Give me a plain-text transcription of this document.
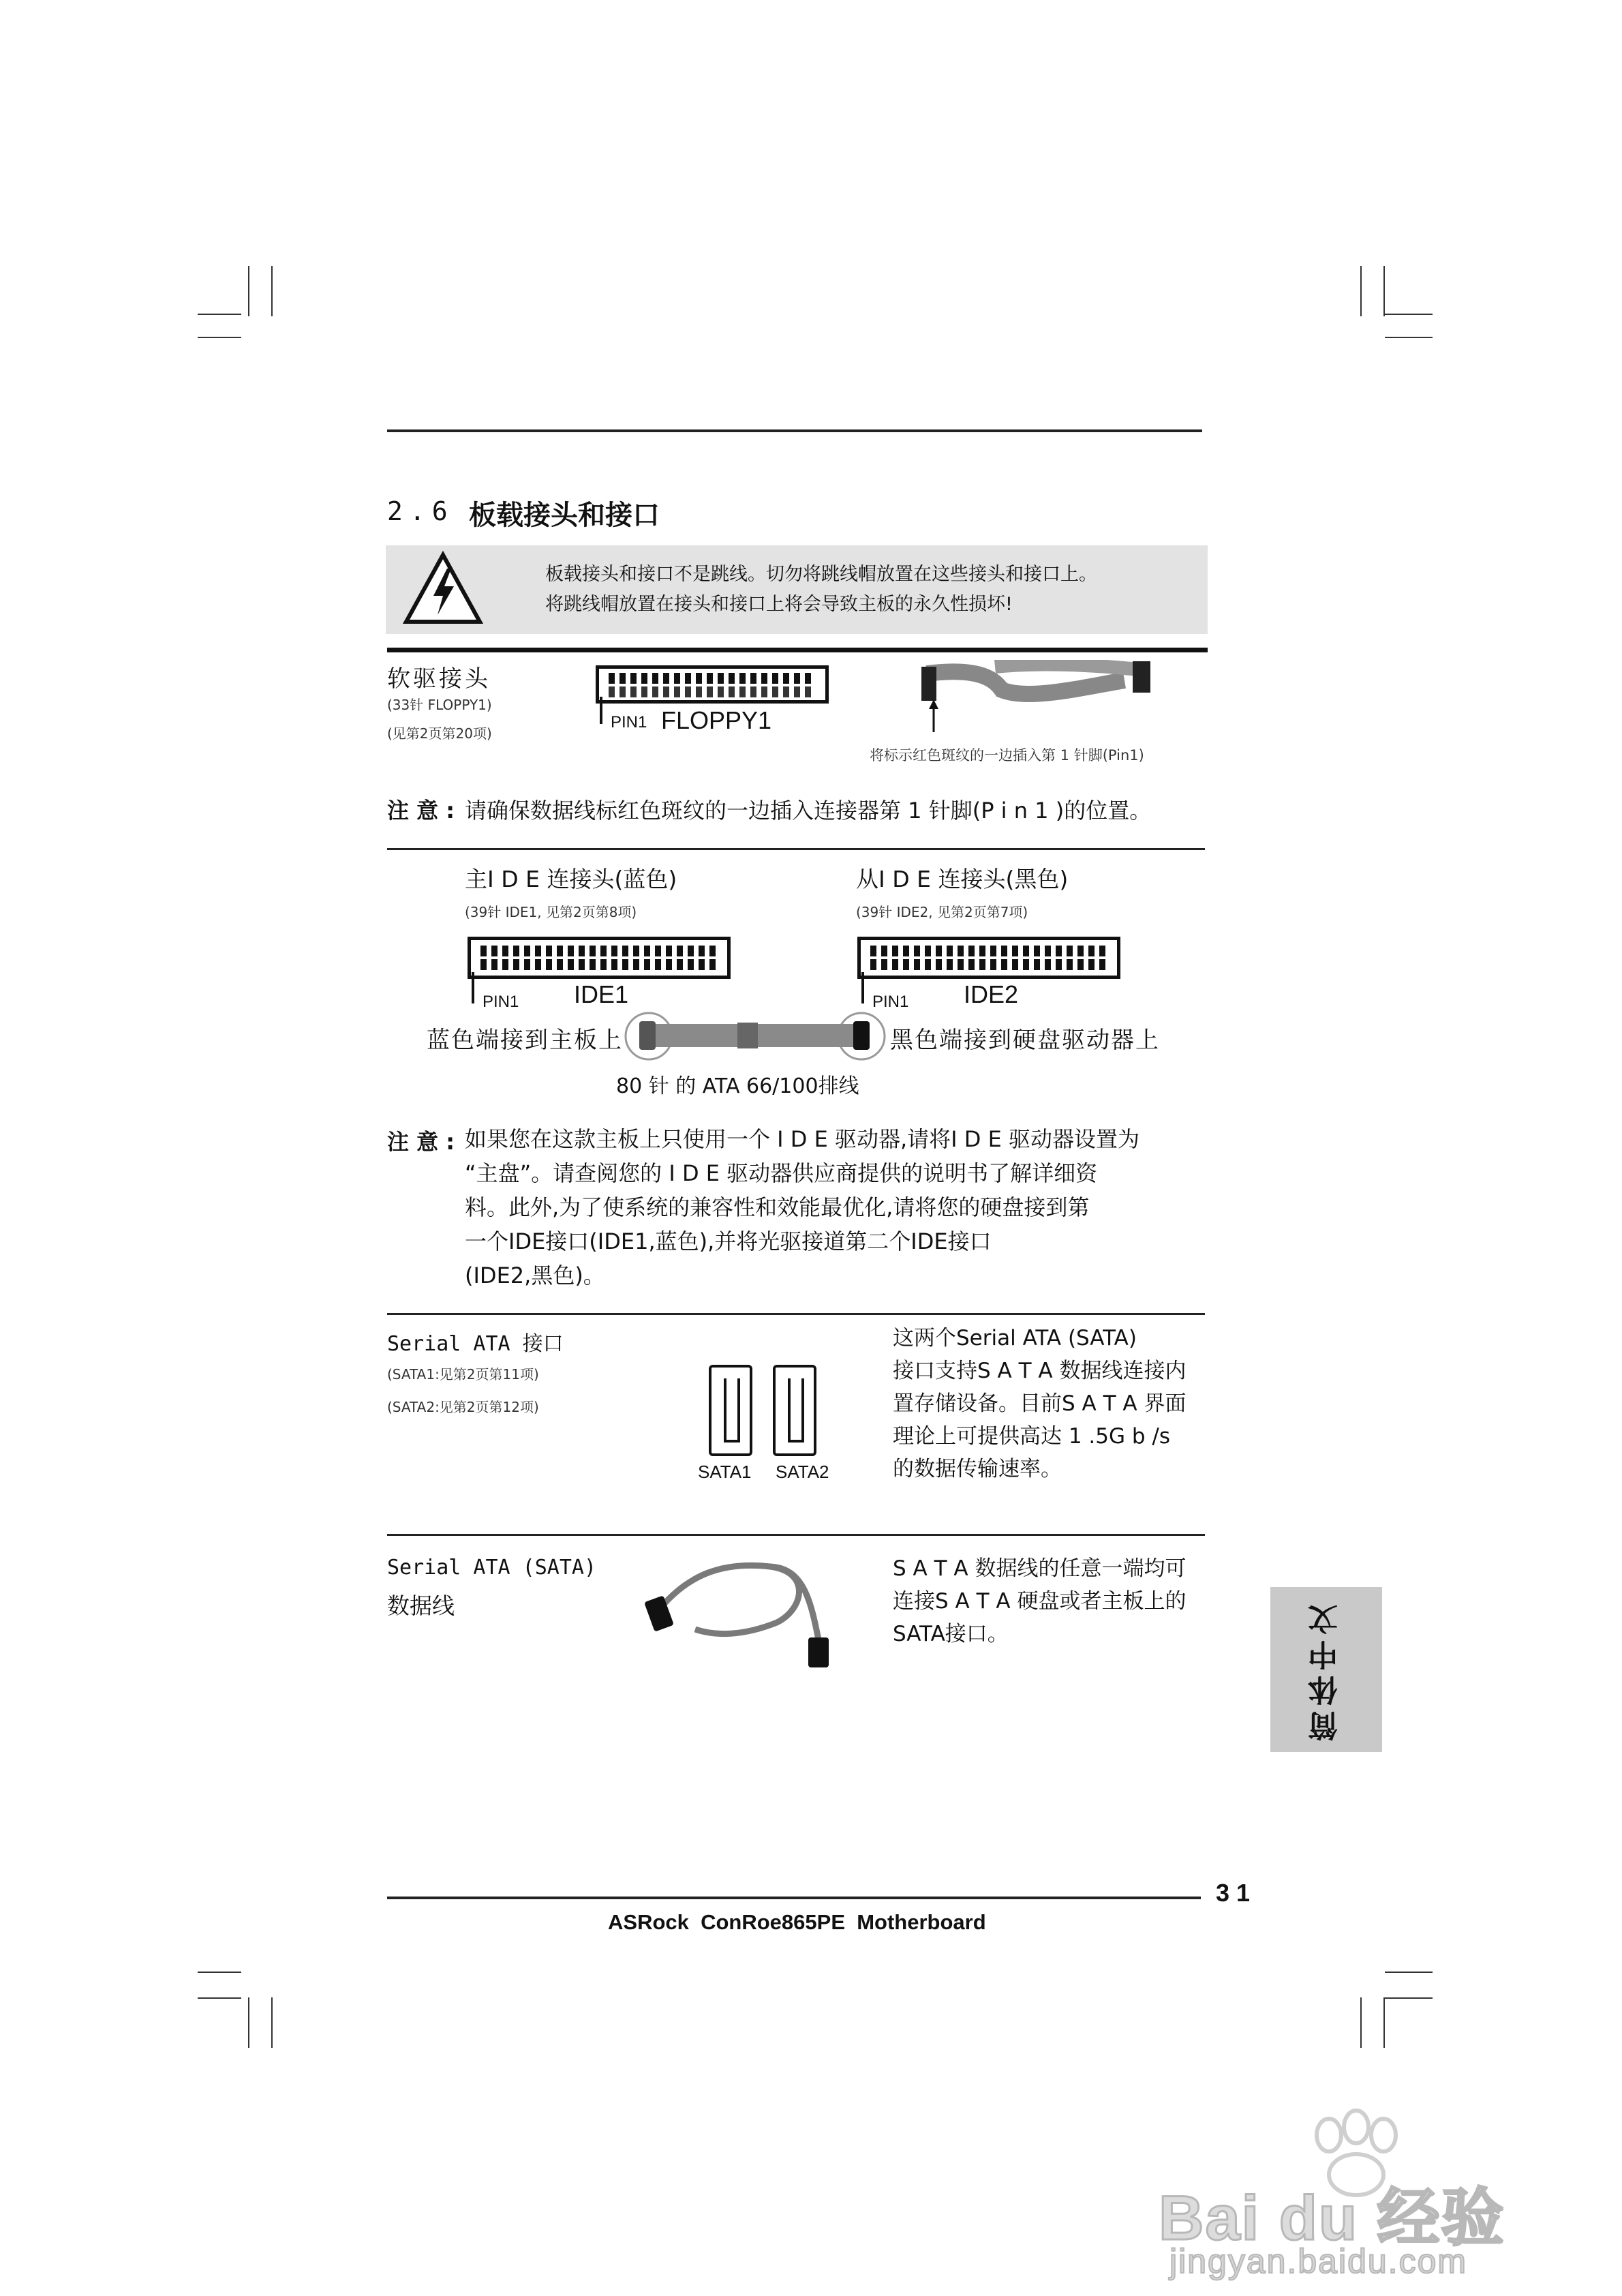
2.6 板载接头和接口
板载接头和接口不是跳线。切勿将跳线帽放置在这些接头和接口上。
将跳线帽放置在接头和接口上将会导致主板的永久性损坏!
软驱接头
(33针 FLOPPY1)
(见第2页第20项)
PIN1 FLOPPY1
将标示红色斑纹的一边插入第 1 针脚(Pin1)
注 意 : 请确保数据线标红色斑纹的一边插入连接器第 1 针脚(P i n 1 )的位置。
主I D E 连接头(蓝色)
(39针 IDE1, 见第2页第8项)
从I D E 连接头(黑色)
(39针 IDE2, 见第2页第7项)
PIN1 IDE1	PIN1 IDE2
蓝色端接到主板上	黑色端接到硬盘驱动器上
80 针 的 ATA 66/100排线
注 意 : 如果您在这款主板上只使用一个 I D E 驱动器,请将I D E 驱动器设置为
“主盘”。请查阅您的 I D E 驱动器供应商提供的说明书了解详细资
料。此外,为了使系统的兼容性和效能最优化,请将您的硬盘接到第
一个IDE接口(IDE1,蓝色),并将光驱接道第二个IDE接口
(IDE2,黑色)。
Serial ATA 接口
(SATA1:见第2页第11项)
(SATA2:见第2页第12项)
SATA1 SATA2
这两个Serial ATA (SATA)
接口支持S A T A 数据线连接内
置存储设备。目前S A T A 界面
理论上可提供高达 1 .5G b /s
的数据传输速率。
Serial ATA (SATA)
数据线
S A T A 数据线的任意一端均可
连接S A T A 硬盘或者主板上的
SATA接口。	简体中文
31
ASRock  ConRoe865PE  Motherboard
Bai du 经验
jingyan.baidu.com
